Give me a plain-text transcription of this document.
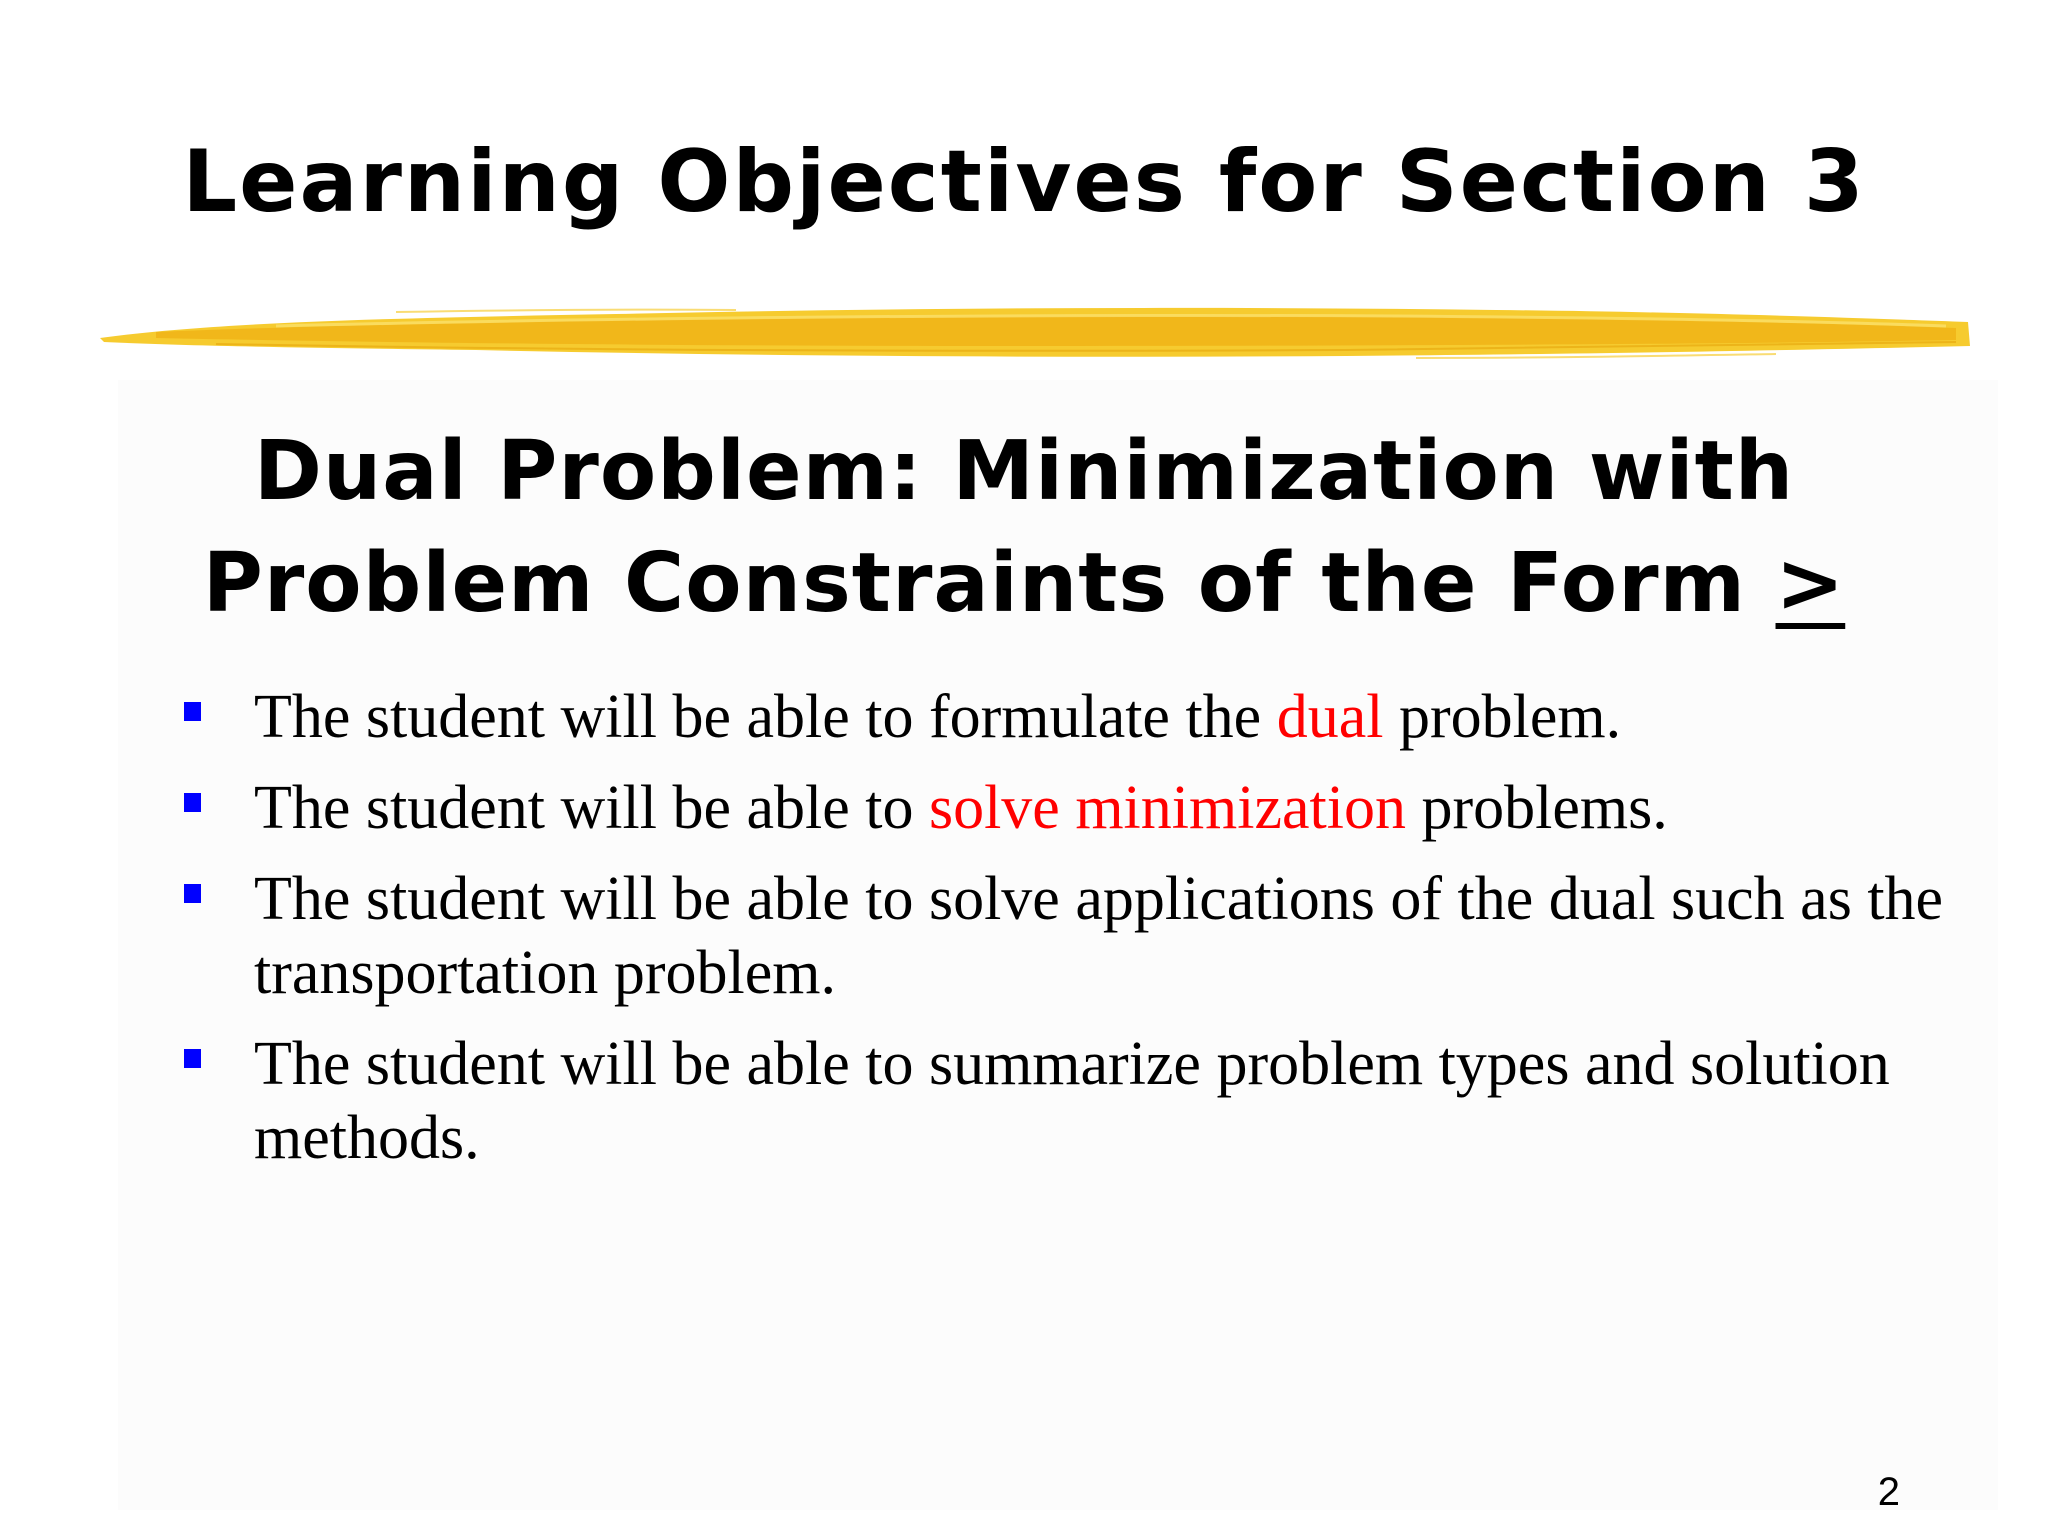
Learning Objectives for Section 3
Dual Problem: Minimization with
Problem Constraints of the Form >
The student will be able to formulate the dual problem.
The student will be able to solve minimization problems.
The student will be able to solve applications of the dual such as the transportation problem.
The student will be able to summarize problem types and solution methods.
2
